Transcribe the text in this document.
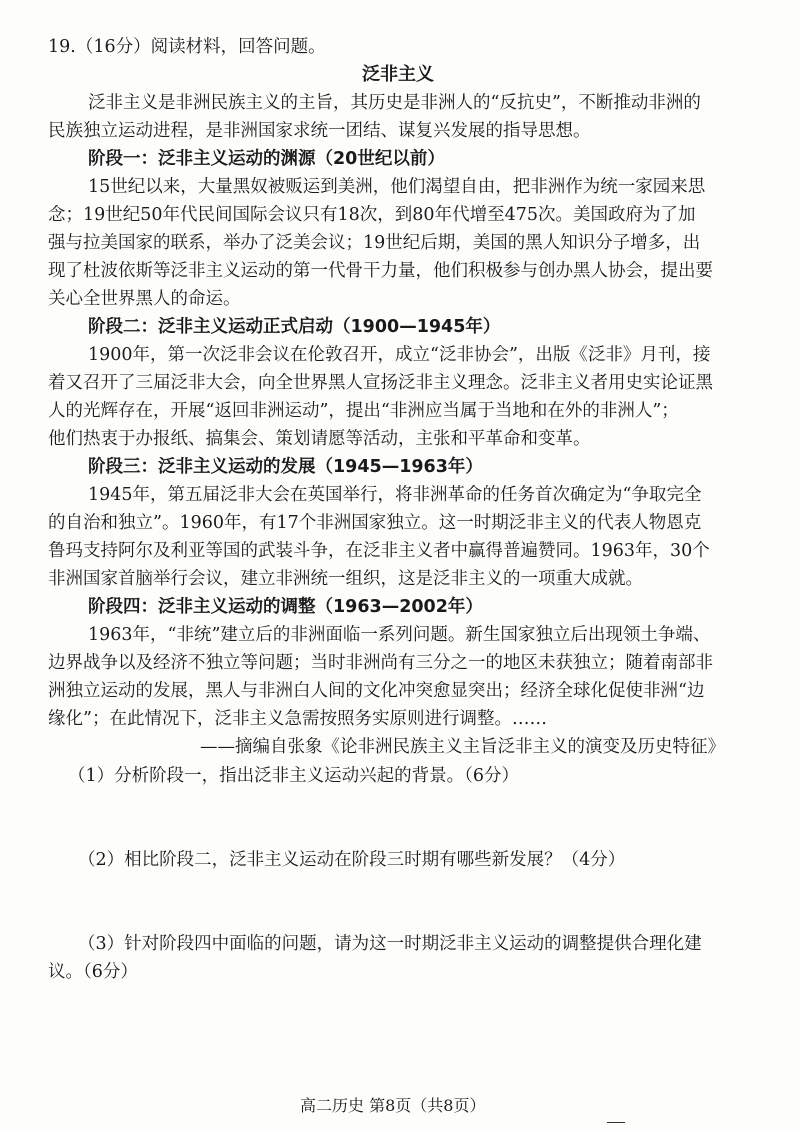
19.（16分）阅读材料，回答问题。
泛非主义
泛非主义是非洲民族主义的主旨，其历史是非洲人的“反抗史”，不断推动非洲的
民族独立运动进程，是非洲国家求统一团结、谋复兴发展的指导思想。
阶段一：泛非主义运动的渊源（20世纪以前）
15世纪以来，大量黑奴被贩运到美洲，他们渴望自由，把非洲作为统一家园来思
念；19世纪50年代民间国际会议只有18次，到80年代增至475次。美国政府为了加
强与拉美国家的联系，举办了泛美会议；19世纪后期，美国的黑人知识分子增多，出
现了杜波依斯等泛非主义运动的第一代骨干力量，他们积极参与创办黑人协会，提出要
关心全世界黑人的命运。
阶段二：泛非主义运动正式启动（1900—1945年）
1900年，第一次泛非会议在伦敦召开，成立“泛非协会”，出版《泛非》月刊，接
着又召开了三届泛非大会，向全世界黑人宣扬泛非主义理念。泛非主义者用史实论证黑
人的光辉存在，开展“返回非洲运动”，提出“非洲应当属于当地和在外的非洲人”；
他们热衷于办报纸、搞集会、策划请愿等活动，主张和平革命和变革。
阶段三：泛非主义运动的发展（1945—1963年）
1945年，第五届泛非大会在英国举行，将非洲革命的任务首次确定为“争取完全
的自治和独立”。1960年，有17个非洲国家独立。这一时期泛非主义的代表人物恩克
鲁玛支持阿尔及利亚等国的武装斗争，在泛非主义者中赢得普遍赞同。1963年，30个
非洲国家首脑举行会议，建立非洲统一组织，这是泛非主义的一项重大成就。
阶段四：泛非主义运动的调整（1963—2002年）
1963年，“非统”建立后的非洲面临一系列问题。新生国家独立后出现领土争端、
边界战争以及经济不独立等问题；当时非洲尚有三分之一的地区未获独立；随着南部非
洲独立运动的发展，黑人与非洲白人间的文化冲突愈显突出；经济全球化促使非洲“边
缘化”；在此情况下，泛非主义急需按照务实原则进行调整。……
——摘编自张象《论非洲民族主义主旨泛非主义的演变及历史特征》
（1）分析阶段一，指出泛非主义运动兴起的背景。（6分）
（2）相比阶段二，泛非主义运动在阶段三时期有哪些新发展？（4分）
（3）针对阶段四中面临的问题，请为这一时期泛非主义运动的调整提供合理化建
议。（6分）
高二历史 第8页（共8页）
